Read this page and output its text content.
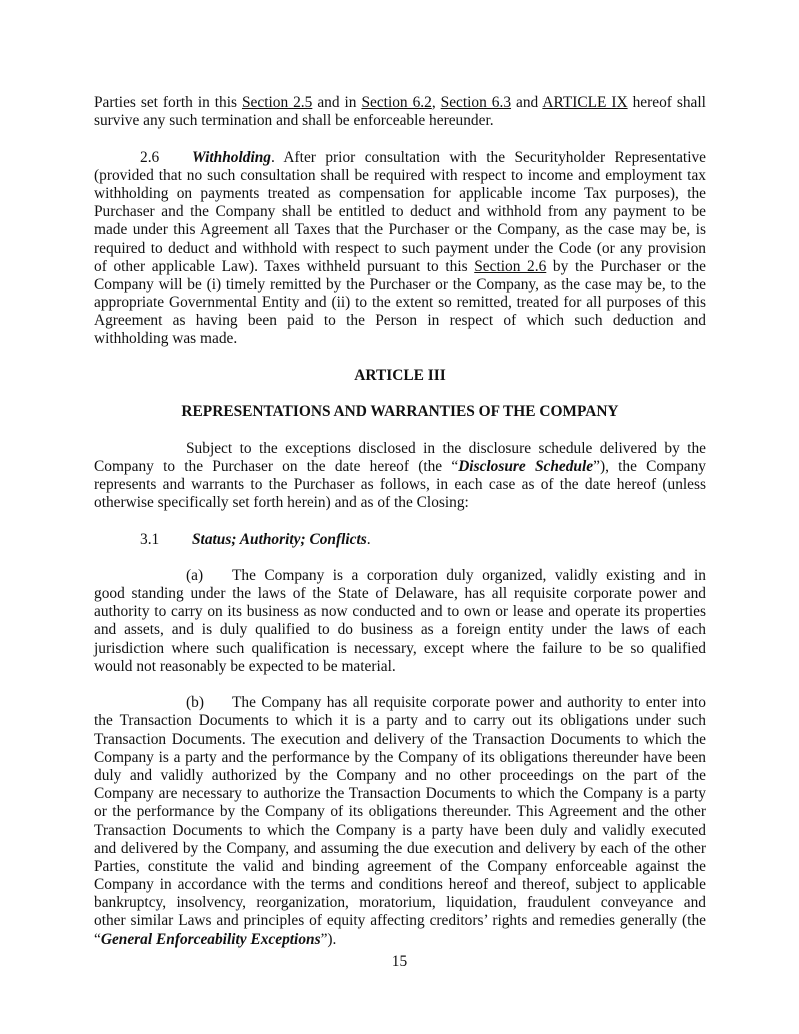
Parties set forth in this Section 2.5 and in Section 6.2, Section 6.3 and ARTICLE IX hereof shall
survive any such termination and shall be enforceable hereunder.
2.6 Withholding. After prior consultation with the Securityholder Representative
(provided that no such consultation shall be required with respect to income and employment tax
withholding on payments treated as compensation for applicable income Tax purposes), the
Purchaser and the Company shall be entitled to deduct and withhold from any payment to be
made under this Agreement all Taxes that the Purchaser or the Company, as the case may be, is
required to deduct and withhold with respect to such payment under the Code (or any provision
of other applicable Law). Taxes withheld pursuant to this Section 2.6 by the Purchaser or the
Company will be (i) timely remitted by the Purchaser or the Company, as the case may be, to the
appropriate Governmental Entity and (ii) to the extent so remitted, treated for all purposes of this
Agreement as having been paid to the Person in respect of which such deduction and
withholding was made.
ARTICLE III
REPRESENTATIONS AND WARRANTIES OF THE COMPANY
Subject to the exceptions disclosed in the disclosure schedule delivered by the
Company to the Purchaser on the date hereof (the “Disclosure Schedule”), the Company
represents and warrants to the Purchaser as follows, in each case as of the date hereof (unless
otherwise specifically set forth herein) and as of the Closing:
3.1 Status; Authority; Conflicts.
(a) The Company is a corporation duly organized, validly existing and in
good standing under the laws of the State of Delaware, has all requisite corporate power and
authority to carry on its business as now conducted and to own or lease and operate its properties
and assets, and is duly qualified to do business as a foreign entity under the laws of each
jurisdiction where such qualification is necessary, except where the failure to be so qualified
would not reasonably be expected to be material.
(b) The Company has all requisite corporate power and authority to enter into
the Transaction Documents to which it is a party and to carry out its obligations under such
Transaction Documents. The execution and delivery of the Transaction Documents to which the
Company is a party and the performance by the Company of its obligations thereunder have been
duly and validly authorized by the Company and no other proceedings on the part of the
Company are necessary to authorize the Transaction Documents to which the Company is a party
or the performance by the Company of its obligations thereunder. This Agreement and the other
Transaction Documents to which the Company is a party have been duly and validly executed
and delivered by the Company, and assuming the due execution and delivery by each of the other
Parties, constitute the valid and binding agreement of the Company enforceable against the
Company in accordance with the terms and conditions hereof and thereof, subject to applicable
bankruptcy, insolvency, reorganization, moratorium, liquidation, fraudulent conveyance and
other similar Laws and principles of equity affecting creditors’ rights and remedies generally (the
“General Enforceability Exceptions”).
15
